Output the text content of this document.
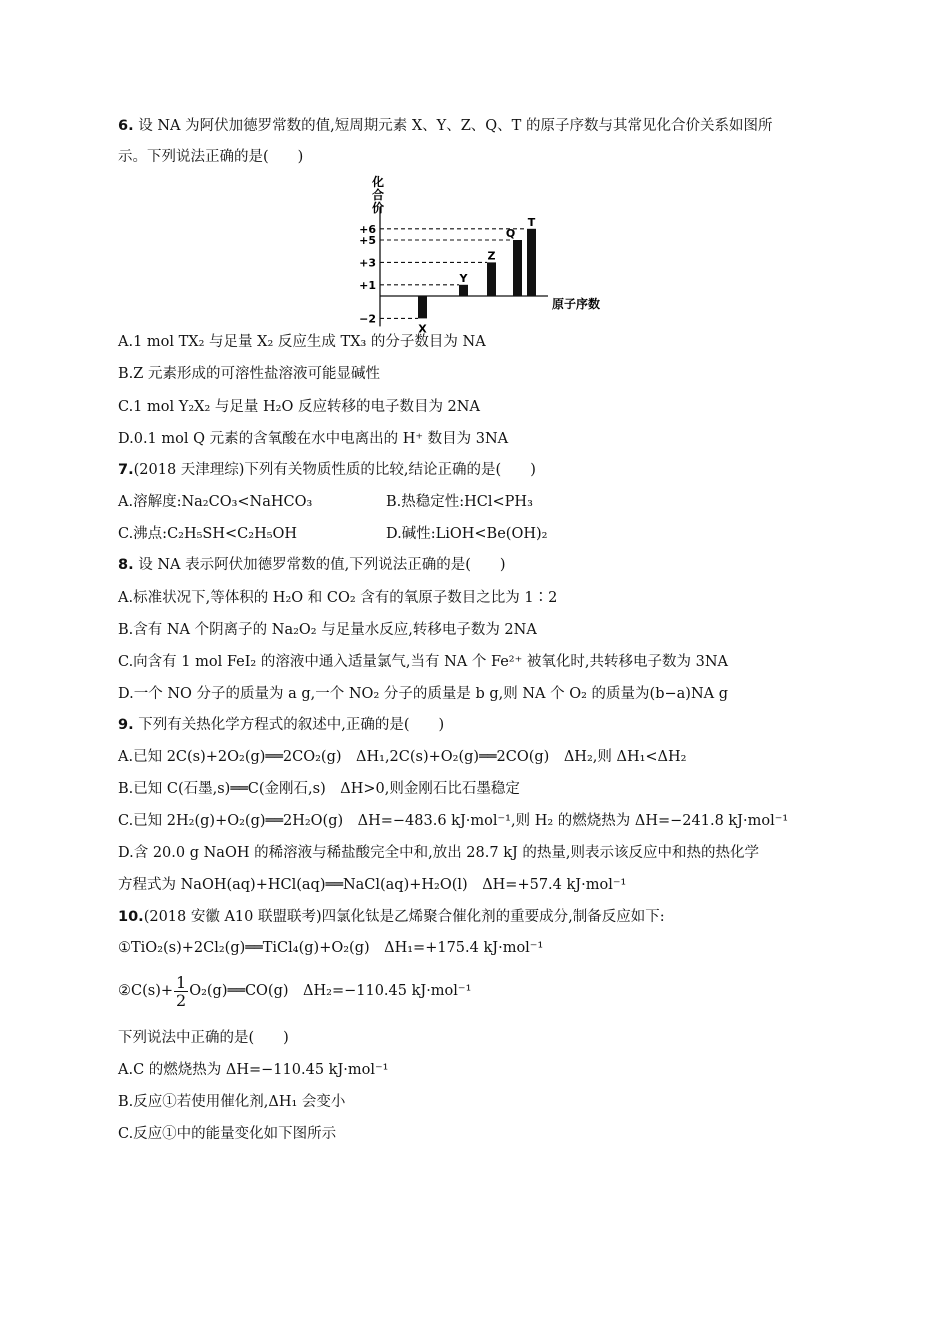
6. 设 NA 为阿伏加德罗常数的值,短周期元素 X、Y、Z、Q、T 的原子序数与其常见化合价关系如图所
示。下列说法正确的是(　　)
化
合
价
原子序数
X
Y
Z
Q
T
+6
+5
+3
+1
−2
A.1 mol TX₂ 与足量 X₂ 反应生成 TX₃ 的分子数目为 NA
B.Z 元素形成的可溶性盐溶液可能显碱性
C.1 mol Y₂X₂ 与足量 H₂O 反应转移的电子数目为 2NA
D.0.1 mol Q 元素的含氧酸在水中电离出的 H⁺ 数目为 3NA
7.(2018 天津理综)下列有关物质性质的比较,结论正确的是(　　)
A.溶解度:Na₂CO₃<NaHCO₃	B.热稳定性:HCl<PH₃
C.沸点:C₂H₅SH<C₂H₅OH	D.碱性:LiOH<Be(OH)₂
8. 设 NA 表示阿伏加德罗常数的值,下列说法正确的是(　　)
A.标准状况下,等体积的 H₂O 和 CO₂ 含有的氧原子数目之比为 1∶2
B.含有 NA 个阴离子的 Na₂O₂ 与足量水反应,转移电子数为 2NA
C.向含有 1 mol FeI₂ 的溶液中通入适量氯气,当有 NA 个 Fe²⁺ 被氧化时,共转移电子数为 3NA
D.一个 NO 分子的质量为 a g,一个 NO₂ 分子的质量是 b g,则 NA 个 O₂ 的质量为(b−a)NA g
9. 下列有关热化学方程式的叙述中,正确的是(　　)
A.已知 2C(s)+2O₂(g)══2CO₂(g)　ΔH₁,2C(s)+O₂(g)══2CO(g)　ΔH₂,则 ΔH₁<ΔH₂
B.已知 C(石墨,s)══C(金刚石,s)　ΔH>0,则金刚石比石墨稳定
C.已知 2H₂(g)+O₂(g)══2H₂O(g)　ΔH=−483.6 kJ·mol⁻¹,则 H₂ 的燃烧热为 ΔH=−241.8 kJ·mol⁻¹
D.含 20.0 g NaOH 的稀溶液与稀盐酸完全中和,放出 28.7 kJ 的热量,则表示该反应中和热的热化学
方程式为 NaOH(aq)+HCl(aq)══NaCl(aq)+H₂O(l)　ΔH=+57.4 kJ·mol⁻¹
10.(2018 安徽 A10 联盟联考)四氯化钛是乙烯聚合催化剂的重要成分,制备反应如下:
①TiO₂(s)+2Cl₂(g)══TiCl₄(g)+O₂(g)　ΔH₁=+175.4 kJ·mol⁻¹
②C(s)+ $\frac{1}{2}$ O₂(g)══CO(g)　ΔH₂=−110.45 kJ·mol⁻¹
下列说法中正确的是(　　)
A.C 的燃烧热为 ΔH=−110.45 kJ·mol⁻¹
B.反应①若使用催化剂,ΔH₁ 会变小
C.反应①中的能量变化如下图所示
